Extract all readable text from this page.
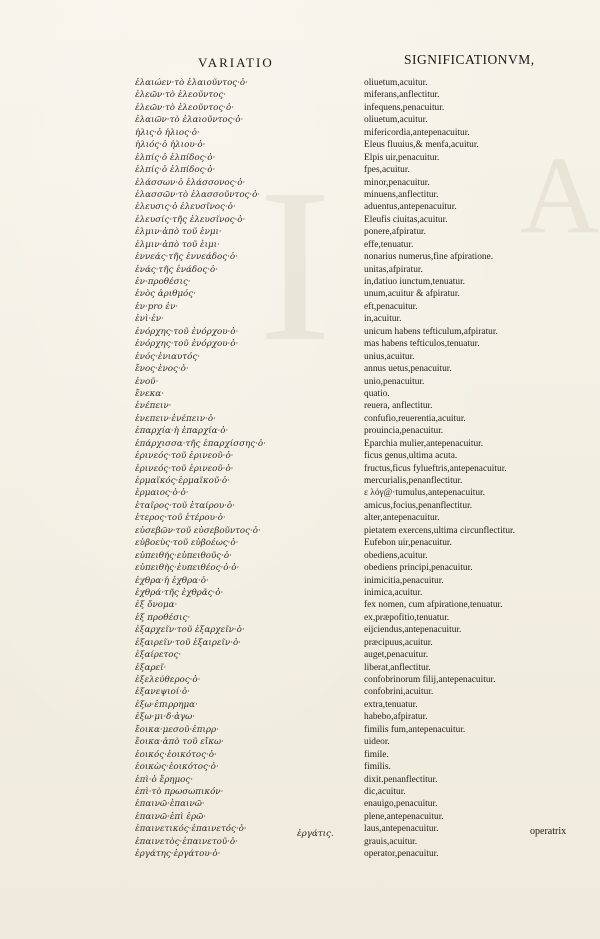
I A
VARIATIO	SIGNIFICATIONVM,
ἐλαιώεν·τὸ ἐλαιοῦντος·ὀ·
ἐλεῶν·τὸ ἐλεοῦντος·
ἐλεῶν·τὸ ἐλεοῦντος·ὀ·
ἐλαιῶν·τὸ ἐλαιοῦντος·ὀ·
ἠλις·ὁ ἠλιος·ὀ·
ἠλιός·ὁ ἠλιου·ὀ·
ἐλπίς·ὁ ἐλπίδος·ὀ·
ἐλπίς·ὁ ἐλπίδος·ὀ·
ἐλάσσων·ὁ ἐλάσσονος·ὀ·
ἐλασσῶν·τὸ ἐλασσοῦντος·ὀ·
ἐλευσις·ὁ ἐλευσῖνος·ὀ·
ἐλευσίς·τῆς ἐλευσῖνος·ὀ·
ἐλμιν·ἀπὸ τοῦ ἐνμι·
ἐλμιν·ἀπὸ τοῦ ἐιμι·
ἐννεάς·τῆς ἐννεάδος·ὀ·
ἐνάς·τῆς ἐνάδος·ὀ·
ἐν·προθέσις·
ἐνὸς ἀριθμός·
ἐν·pro ἐν·
ἐνὶ·ἐν·
ἐνόρχης·τοῦ ἐνόρχου·ὀ·
ἐνόρχης·τοῦ ἐνόρχου·ὀ·
ἐνός·ἐνιαυτός·
ἔνος·ἐνος·ὀ·
ἐνοῦ·
ἔνεκα·
ἐνέπειν·
ἐνεπειν·ἐνέπειν·ὀ·
ἐπαρχία·ἡ ἐπαρχία·ὀ·
ἐπάρχισσα·τῆς ἐπαρχίσσης·ὀ·
ἐρινεός·τοῦ ἐρινεοῦ·ὀ·
ἐρινεός·τοῦ ἐρινεοῦ·ὀ·
ἐρμαϊκός·ἐρμαϊκοῦ·ὀ·
ἑρμαιος·ὀ·ὀ·
ἑταῖρος·τοῦ ἑταίρου·ὀ·
ἑτερος·τοῦ ἑτέρου·ὀ·
εὐσεβῶν·τοῦ εὐσεβοῦντος·ὀ·
εὐβοεὺς·τοῦ εὐβοέως·ὀ·
εὐπειθής·εὐπειθοῦς·ὀ·
εὐπειθὴς·ἐυπειθέος·ὀ·ὀ·
ἐχθρα·ἡ ἐχθρα·ὀ·
ἐχθρά·τῆς ἐχθρᾶς·ὀ·
ἐξ ὄνομα·
ἐξ προθέσις·
ἐξαρχεῖν·τοῦ ἐξαρχεῖν·ὀ·
ἐξαιρεῖν·τοῦ ἐξαιρεῖν·ὀ·
ἐξαίρετος·
ἐξαρεῖ·
ἐξελεύθερος·ὀ·
ἐξανεψιοί·ὀ·
ἐξω·ἐπιρρημα·
ἐξω·μι·δ·ἀγω·
ἔοικα·μεσοῦ·ἐπιρρ·
ἔοικα·ἀπὸ τοῦ εἴκω·
ἐοικός·ἐοικότος·ὀ·
ἐοικὼς·ἐοικότος·ὀ·
ἐπὶ·ὁ ἔρημος·
ἐπὶ·τὸ πρωσωπικόν·
ἐπαινῶ·ἐπαινῶ·
ἐπαινῶ·ἐπὶ ἐρῶ·
ἐπαινετικός·ἐπαινετός·ὀ·
ἐπαινετὸς·ἐπαινετοῦ·ὀ·
ἐργάτης·ἐργάτου·ὀ·
oliuetum,acuitur.
miferans,anflectitur.
infequens,penacuitur.
oliuetum,acuitur.
mifericordia,antepenacuitur.
Eleus fluuius,& menfa,acuitur.
Elpis uir,penacuitur.
fpes,acuitur.
minor,penacuitur.
minuens,anflectitur.
aduentus,antepenacuitur.
Eleufis ciuitas,acuitur.
ponere,afpiratur.
effe,tenuatur.
nonarius numerus,fine afpiratione.
unitas,afpiratur.
in,datiuo iunctum,tenuatur.
unum,acuitur & afpiratur.
eft,penacuitur.
in,acuitur.
unicum habens tefticulum,afpiratur.
mas habens tefticulos,tenuatur.
unius,acuitur.
annus uetus,penacuitur.
unio,penacuitur.
quatio.
reuera, anflectitur.
confufio,reuerentia,acuitur.
prouincia,penacuitur.
Eparchia mulier,antepenacuitur.
ficus genus,ultima acuta.
fructus,ficus fylueftris,antepenacuitur.
mercurialis,penanflectitur.
ε λόγ@·tumulus,antepenacuitur.
amicus,focius,penanflectitur.
alter,antepenacuitur.
pietatem exercens,ultima circunflectitur.
Eufebon uir,penacuitur.
obediens,acuitur.
obediens principi,penacuitur.
inimicitia,penacuitur.
inimica,acuitur.
fex nomen, cum afpiratione,tenuatur.
ex,præpofitio,tenuatur.
eijciendus,antepenacuitur.
præcipuus,acuitur.
auget,penacuitur.
liberat,anflectitur.
confobrinorum filij,antepenacuitur.
confobrini,acuitur.
extra,tenuatur.
habebo,afpiratur.
fimilis fum,antepenacuitur.
uideor.
fimile.
fimilis.
dixit.penanflectitur.
dic,acuitur.
enauigo,penacuitur.
plene,antepenacuitur.
laus,antepenacuitur.
grauis,acuitur.
operator,penacuitur.
ἐργάτις.	operatrix
